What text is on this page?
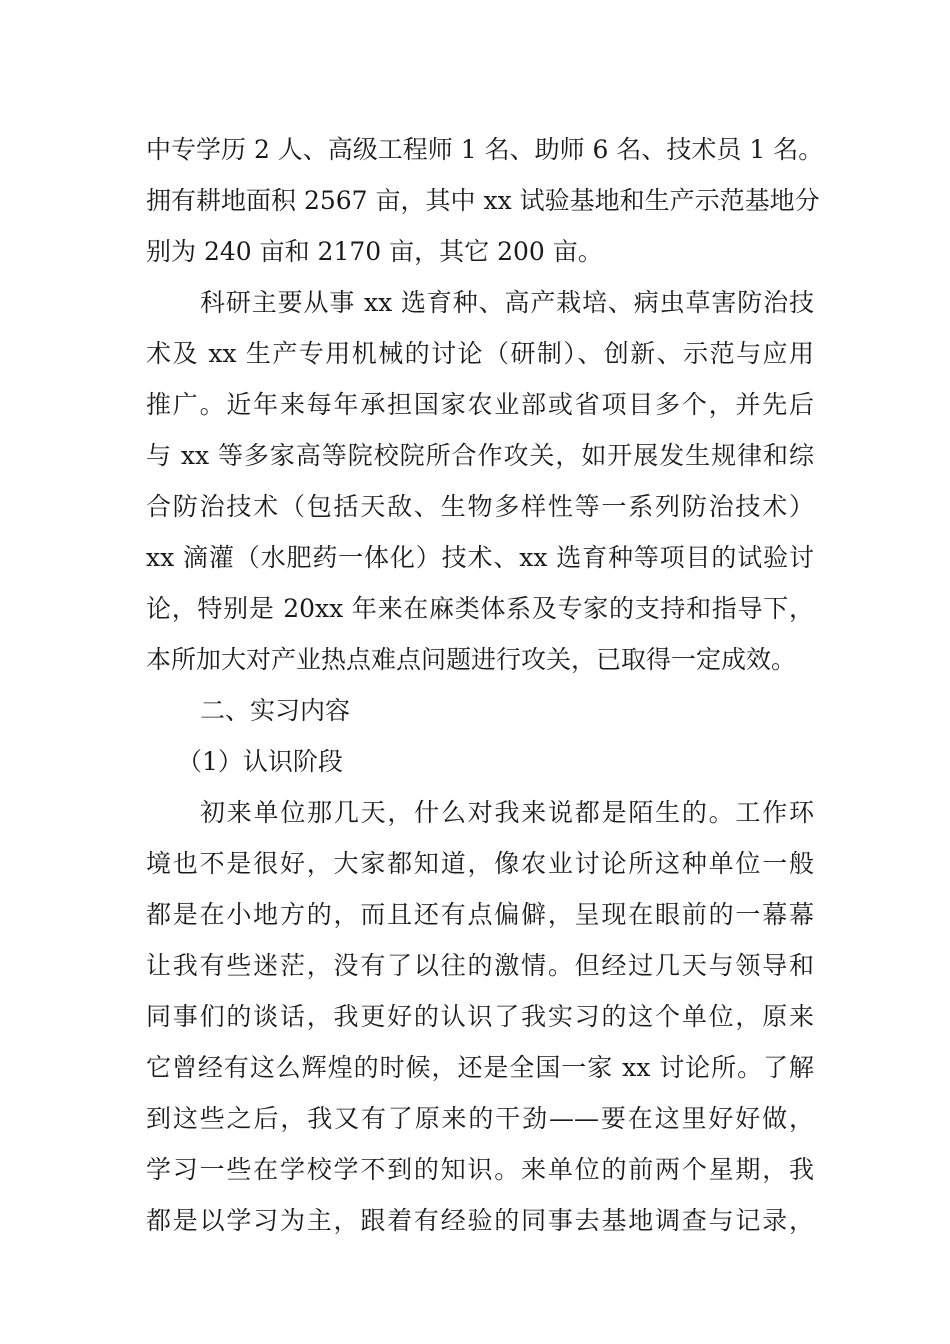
中专学历 2 人、高级工程师 1 名、助师 6 名、技术员 1 名。
拥有耕地面积 2567 亩，其中 xx 试验基地和生产示范基地分
别为 240 亩和 2170 亩，其它 200 亩。
科研主要从事 xx 选育种、高产栽培、病虫草害防治技
术及 xx 生产专用机械的讨论（研制）、创新、示范与应用
推广。近年来每年承担国家农业部或省项目多个，并先后
与 xx 等多家高等院校院所合作攻关，如开展发生规律和综
合防治技术（包括天敌、生物多样性等一系列防治技术）
xx 滴灌（水肥药一体化）技术、xx 选育种等项目的试验讨
论，特别是 20xx 年来在麻类体系及专家的支持和指导下，
本所加大对产业热点难点问题进行攻关，已取得一定成效。
二、实习内容
（1）认识阶段
初来单位那几天，什么对我来说都是陌生的。工作环
境也不是很好，大家都知道，像农业讨论所这种单位一般
都是在小地方的，而且还有点偏僻，呈现在眼前的一幕幕
让我有些迷茫，没有了以往的激情。但经过几天与领导和
同事们的谈话，我更好的认识了我实习的这个单位，原来
它曾经有这么辉煌的时候，还是全国一家 xx 讨论所。了解
到这些之后，我又有了原来的干劲——要在这里好好做，
学习一些在学校学不到的知识。来单位的前两个星期，我
都是以学习为主，跟着有经验的同事去基地调查与记录，
